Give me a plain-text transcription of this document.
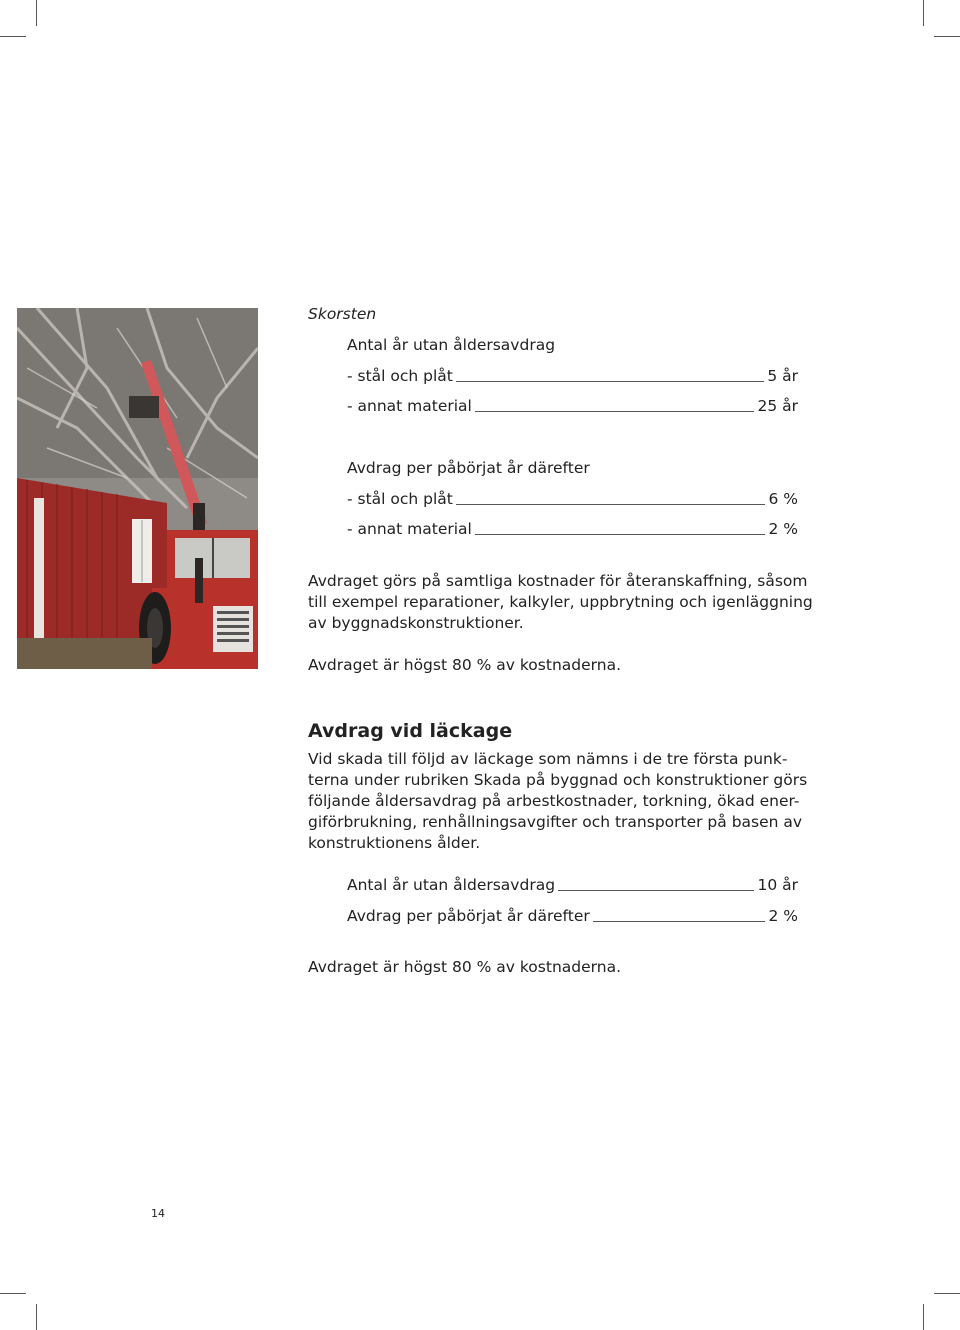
Skorsten
Antal år utan åldersavdrag
- stål och plåt	5 år
- annat material	25 år
Avdrag per påbörjat år därefter
- stål och plåt	6 %
- annat material	2 %

Avdraget görs på samtliga kostnader för återanskaffning, såsom

till exempel reparationer, kalkyler, uppbrytning och igenläggning

av byggnadskonstruktioner.

Avdraget är högst 80 % av kostnaderna.
Avdrag vid läckage

Vid skada till följd av läckage som nämns i de tre första punk-

terna under rubriken Skada på byggnad och konstruktioner görs

följande åldersavdrag på arbestkostnader, torkning, ökad ener-

giförbrukning, renhållningsavgifter och transporter på basen av

konstruktionens ålder.

Antal år utan åldersavdrag	10 år
Avdrag per påbörjat år därefter	2 %
Avdraget är högst 80 % av kostnaderna.
14
